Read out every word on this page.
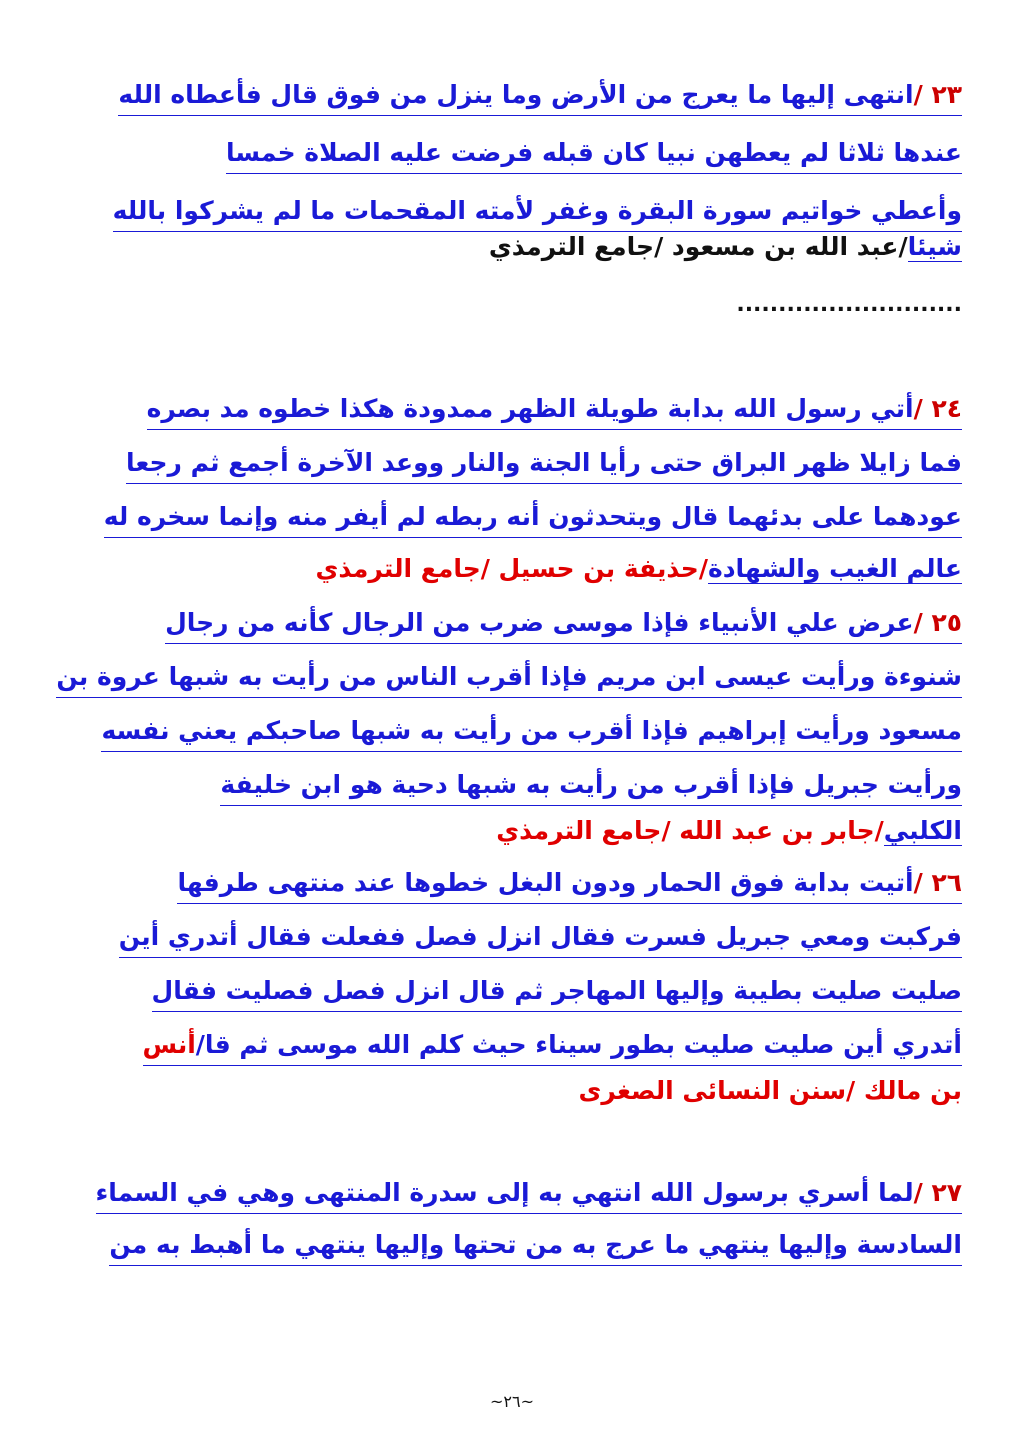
٢٣ /انتهى إليها ما يعرج من الأرض وما ينزل من فوق قال فأعطاه الله
عندها ثلاثا لم يعطهن نبيا كان قبله فرضت عليه الصلاة خمسا
وأعطي خواتيم سورة البقرة وغفر لأمته المقحمات ما لم يشركوا بالله
شيئا/عبد الله بن مسعود /جامع الترمذي
...........................
٢٤ /أتي رسول الله بدابة طويلة الظهر ممدودة هكذا خطوه مد بصره
فما زايلا ظهر البراق حتى رأيا الجنة والنار ووعد الآخرة أجمع ثم رجعا
عودهما على بدئهما قال ويتحدثون أنه ربطه لم أيفر منه وإنما سخره له
عالم الغيب والشهادة/حذيفة بن حسيل /جامع الترمذي
٢٥ /عرض علي الأنبياء فإذا موسى ضرب من الرجال كأنه من رجال
شنوءة ورأيت عيسى ابن مريم فإذا أقرب الناس من رأيت به شبها عروة بن
مسعود ورأيت إبراهيم فإذا أقرب من رأيت به شبها صاحبكم يعني نفسه
ورأيت جبريل فإذا أقرب من رأيت به شبها دحية هو ابن خليفة
الكلبي/جابر بن عبد الله /جامع الترمذي
٢٦ /أتيت بدابة فوق الحمار ودون البغل خطوها عند منتهى طرفها
فركبت ومعي جبريل فسرت فقال انزل فصل ففعلت فقال أتدري أين
صليت صليت بطيبة وإليها المهاجر ثم قال انزل فصل فصليت فقال
أتدري أين صليت صليت بطور سيناء حيث كلم الله موسى ثم قا/أنس
بن مالك /سنن النسائى الصغرى
٢٧ /لما أسري برسول الله انتهي به إلى سدرة المنتهى وهي في السماء
السادسة وإليها ينتهي ما عرج به من تحتها وإليها ينتهي ما أهبط به من
~٢٦~
